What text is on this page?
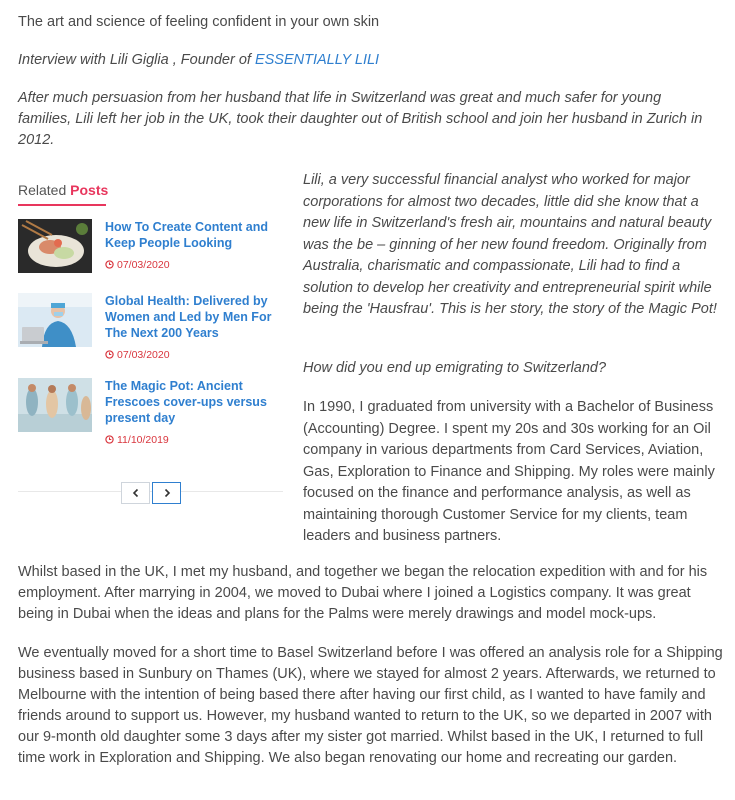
The art and science of feeling confident in your own skin

Interview with Lili Giglia , Founder of ESSENTIALLY LILI

After much persuasion from her husband that life in Switzerland was great and much safer for young families, Lili left her job in the UK, took their daughter out of British school and join her husband in Zurich in 2012.

Related Posts

How To Create Content and Keep People Looking

07/03/2020

Global Health: Delivered by Women and Led by Men For The Next 200 Years

07/03/2020

The Magic Pot: Ancient Frescoes cover-ups versus present day

11/10/2019

Lili, a very successful financial analyst who worked for major corporations for almost two decades, little did she know that a new life in Switzerland's fresh air, mountains and natural beauty was the be – ginning of her new found freedom. Originally from Australia, charismatic and compassionate, Lili had to find a solution to develop her creativity and entrepreneurial spirit while being the 'Hausfrau'. This is her story, the story of the Magic Pot!

How did you end up emigrating to Switzerland?

In 1990, I graduated from university with a Bachelor of Business (Accounting) Degree. I spent my 20s and 30s working for an Oil company in various departments from Card Services, Aviation, Gas, Exploration to Finance and Shipping. My roles were mainly focused on the finance and performance analysis, as well as maintaining thorough Customer Service for my clients, team leaders and business partners.

Whilst based in the UK, I met my husband, and together we began the relocation expedition with and for his employment. After marrying in 2004, we moved to Dubai where I joined a Logistics company. It was great being in Dubai when the ideas and plans for the Palms were merely drawings and model mock-ups.

We eventually moved for a short time to Basel Switzerland before I was offered an analysis role for a Shipping business based in Sunbury on Thames (UK), where we stayed for almost 2 years. Afterwards, we returned to Melbourne with the intention of being based there after having our first child, as I wanted to have family and friends around to support us. However, my husband wanted to return to the UK, so we departed in 2007 with our 9-month old daughter some 3 days after my sister got married. Whilst based in the UK, I returned to full time work in Exploration and Shipping. We also began renovating our home and recreating our garden.
